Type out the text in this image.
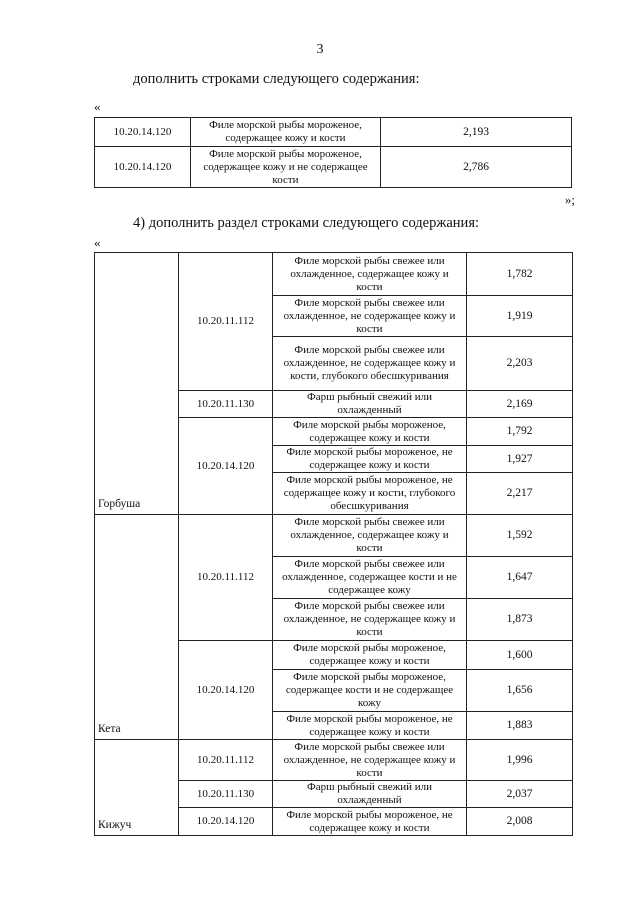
3
дополнить строками следующего содержания:
«
10.20.14.120	Филе морской рыбы мороженое, содержащее кожу и кости	2,193
10.20.14.120	Филе морской рыбы мороженое, содержащее кожу и не содержащее кости	2,786
»;
4) дополнить раздел строками следующего содержания:
«
Горбуша	10.20.11.112	Филе морской рыбы свежее или охлажденное, содержащее кожу и кости	1,782
		Филе морской рыбы свежее или охлажденное, не содержащее кожу и кости	1,919
		Филе морской рыбы свежее или охлажденное, не содержащее кожу и кости, глубокого обесшкуривания	2,203
	10.20.11.130	Фарш рыбный свежий или охлажденный	2,169
	10.20.14.120	Филе морской рыбы мороженое, содержащее кожу и кости	1,792
		Филе морской рыбы мороженое, не содержащее кожу и кости	1,927
		Филе морской рыбы мороженое, не содержащее кожу и кости, глубокого обесшкуривания	2,217
Кета	10.20.11.112	Филе морской рыбы свежее или охлажденное, содержащее кожу и кости	1,592
		Филе морской рыбы свежее или охлажденное, содержащее кости и не содержащее кожу	1,647
		Филе морской рыбы свежее или охлажденное, не содержащее кожу и кости	1,873
	10.20.14.120	Филе морской рыбы мороженое, содержащее кожу и кости	1,600
		Филе морской рыбы мороженое, содержащее кости и не содержащее кожу	1,656
		Филе морской рыбы мороженое, не содержащее кожу и кости	1,883
Кижуч	10.20.11.112	Филе морской рыбы свежее или охлажденное, не содержащее кожу и кости	1,996
	10.20.11.130	Фарш рыбный свежий или охлажденный	2,037
	10.20.14.120	Филе морской рыбы мороженое, не содержащее кожу и кости	2,008
